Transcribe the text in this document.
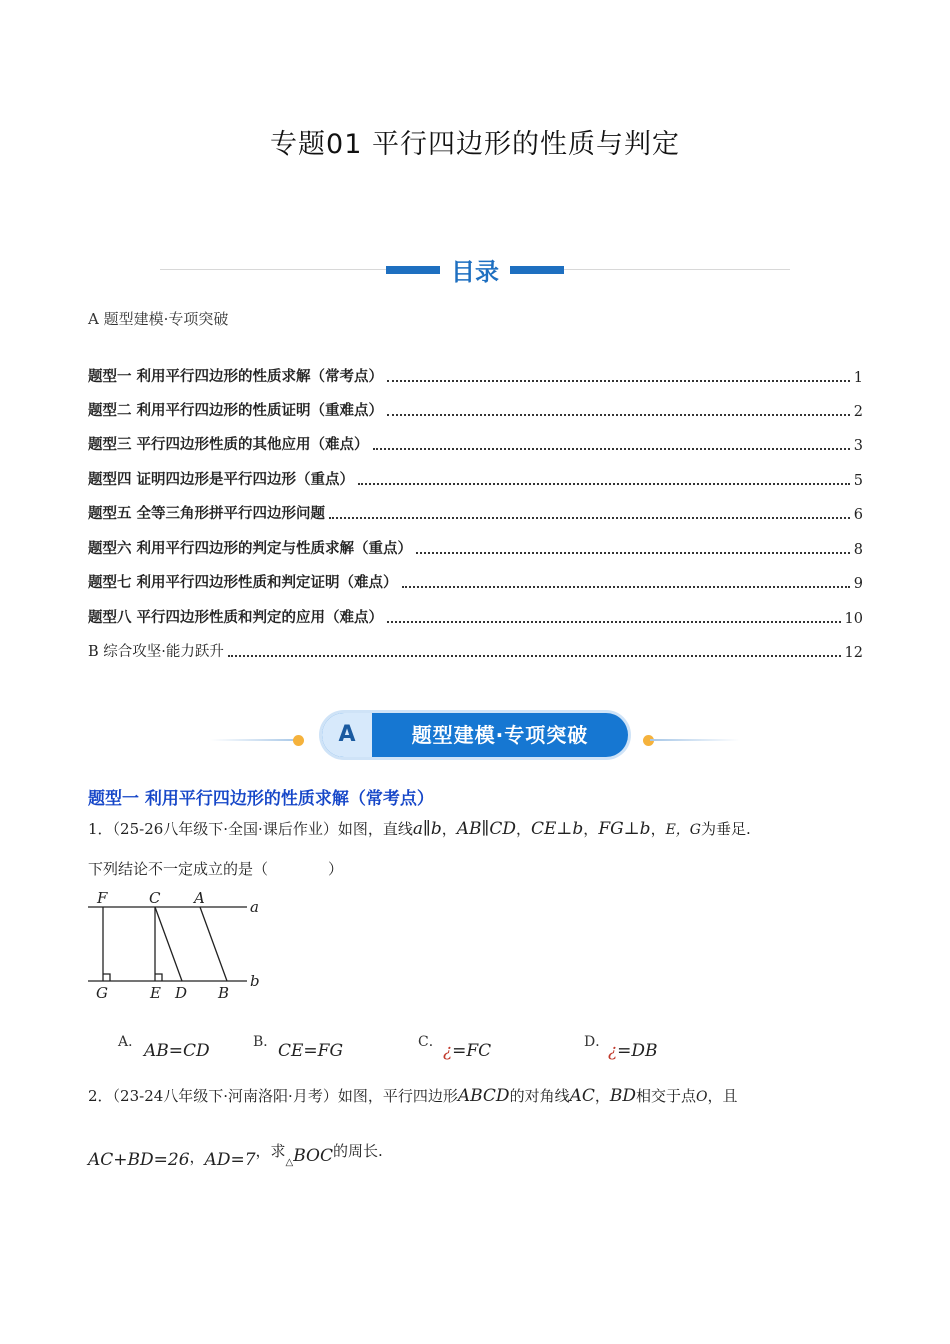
专题01 平行四边形的性质与判定
目录
A 题型建模·专项突破
题型一 利用平行四边形的性质求解（常考点）	1
题型二 利用平行四边形的性质证明（重难点）	2
题型三 平行四边形性质的其他应用（难点）	3
题型四 证明四边形是平行四边形（重点）	5
题型五 全等三角形拼平行四边形问题	6
题型六 利用平行四边形的判定与性质求解（重点）	8
题型七 利用平行四边形性质和判定证明（难点）	9
题型八 平行四边形性质和判定的应用（难点）	10
B 综合攻坚·能力跃升	12
A	题型建模·专项突破
题型一 利用平行四边形的性质求解（常考点）
1．（25-26八年级下·全国·课后作业）如图，直线a∥b，AB∥CD，CE⊥b，FG⊥b，E，G为垂足.
下列结论不一定成立的是（　　　　）
F	C A	a
G	E D B
b
A． AB=CD	B． CE=FG	C． ¿=FC	D．
¿=DB
2．（23-24八年级下·河南洛阳·月考）如图，平行四边形ABCD的对角线AC，BD相交于点O，且
AC+BD=26，AD=7，求$_\triangle$BOC的周长.
